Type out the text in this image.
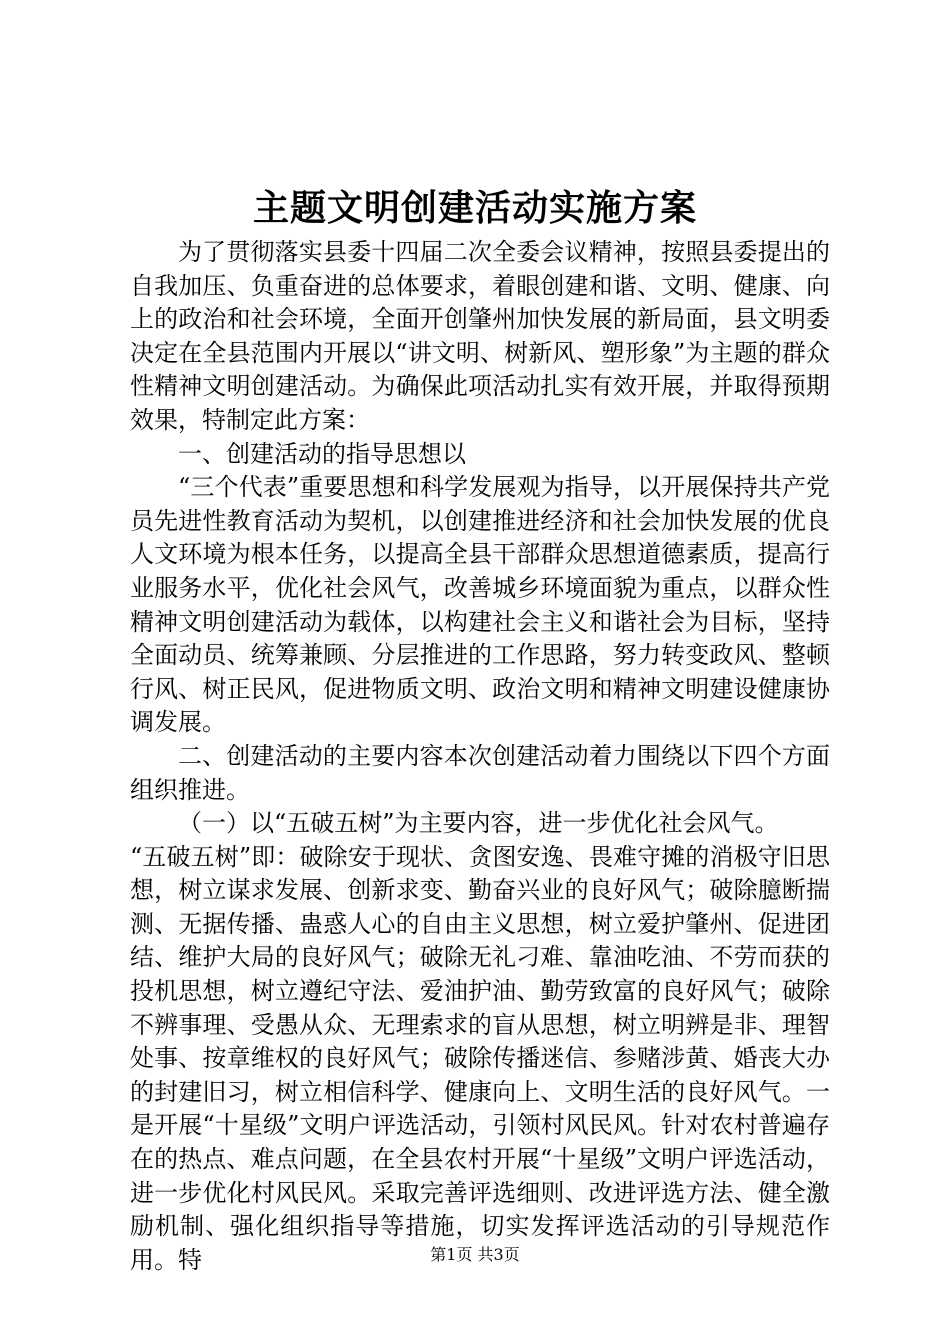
主题文明创建活动实施方案

为了贯彻落实县委十四届二次全委会议精神，按照县委提出的自我加压、负重奋进的总体要求，着眼创建和谐、文明、健康、向上的政治和社会环境，全面开创肇州加快发展的新局面，县文明委决定在全县范围内开展以“讲文明、树新风、塑形象”为主题的群众性精神文明创建活动。为确保此项活动扎实有效开展，并取得预期效果，特制定此方案：

一、创建活动的指导思想以

“三个代表”重要思想和科学发展观为指导，以开展保持共产党员先进性教育活动为契机，以创建推进经济和社会加快发展的优良人文环境为根本任务，以提高全县干部群众思想道德素质，提高行业服务水平，优化社会风气，改善城乡环境面貌为重点，以群众性精神文明创建活动为载体，以构建社会主义和谐社会为目标，坚持全面动员、统筹兼顾、分层推进的工作思路，努力转变政风、整顿行风、树正民风，促进物质文明、政治文明和精神文明建设健康协调发展。

二、创建活动的主要内容本次创建活动着力围绕以下四个方面组织推进。

（一）以“五破五树”为主要内容，进一步优化社会风气。

“五破五树”即：破除安于现状、贪图安逸、畏难守摊的消极守旧思想，树立谋求发展、创新求变、勤奋兴业的良好风气；破除臆断揣测、无据传播、蛊惑人心的自由主义思想，树立爱护肇州、促进团结、维护大局的良好风气；破除无礼刁难、靠油吃油、不劳而获的投机思想，树立遵纪守法、爱油护油、勤劳致富的良好风气；破除不辨事理、受愚从众、无理索求的盲从思想，树立明辨是非、理智处事、按章维权的良好风气；破除传播迷信、参赌涉黄、婚丧大办的封建旧习，树立相信科学、健康向上、文明生活的良好风气。一是开展“十星级”文明户评选活动，引领村风民风。针对农村普遍存在的热点、难点问题，在全县农村开展“十星级”文明户评选活动，进一步优化村风民风。采取完善评选细则、改进评选方法、健全激励机制、强化组织指导等措施，切实发挥评选活动的引导规范作用。特	第1页 共3页
